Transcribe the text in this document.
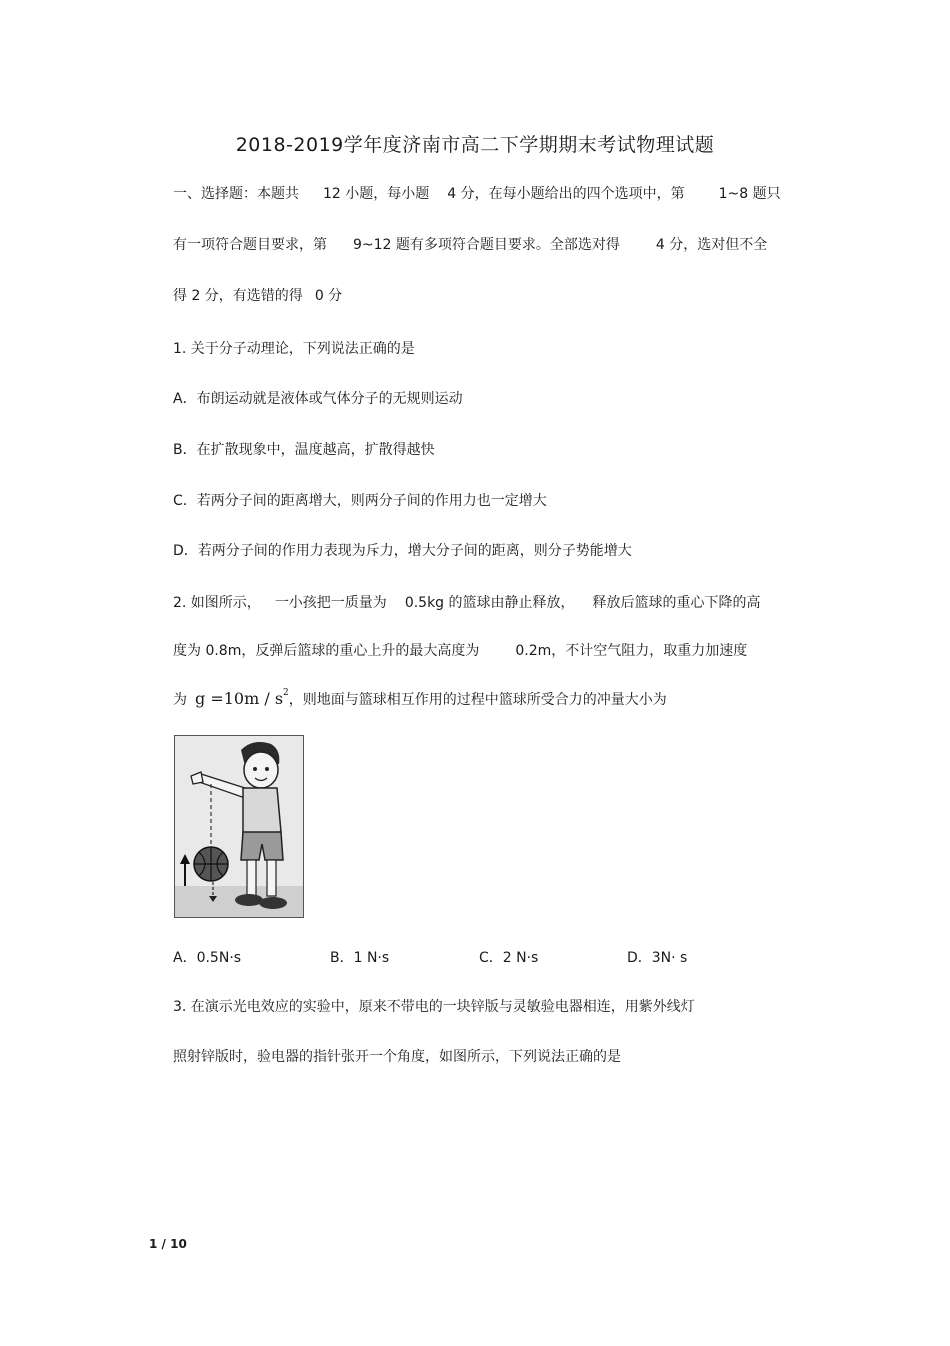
2018-2019学年度济南市高二下学期期末考试物理试题
一、选择题：本题共 12 小题，每小题 4 分，在每小题给出的四个选项中，第 1~8 题只
有一项符合题目要求，第 9~12 题有多项符合题目要求。全部选对得	4 分，选对但不全
得 2 分，有选错的得 0 分
1. 关于分子动理论，下列说法正确的是
A．布朗运动就是液体或气体分子的无规则运动
B．在扩散现象中，温度越高，扩散得越快
C．若两分子间的距离增大，则两分子间的作用力也一定增大
D．若两分子间的作用力表现为斥力，增大分子间的距离，则分子势能增大
2. 如图所示， 一小孩把一质量为 0.5kg 的篮球由静止释放， 释放后篮球的重心下降的高
度为 0.8m，反弹后篮球的重心上升的最大高度为	0.2m，不计空气阻力，取重力加速度
为 $g =10m / s^2$，则地面与篮球相互作用的过程中篮球所受合力的冲量大小为
A．0.5N·s	B．1 N·s	C．2 N·s	D．3N· s
3. 在演示光电效应的实验中，原来不带电的一块锌版与灵敏验电器相连，用紫外线灯
照射锌版时，验电器的指针张开一个角度，如图所示，下列说法正确的是
1 / 10
